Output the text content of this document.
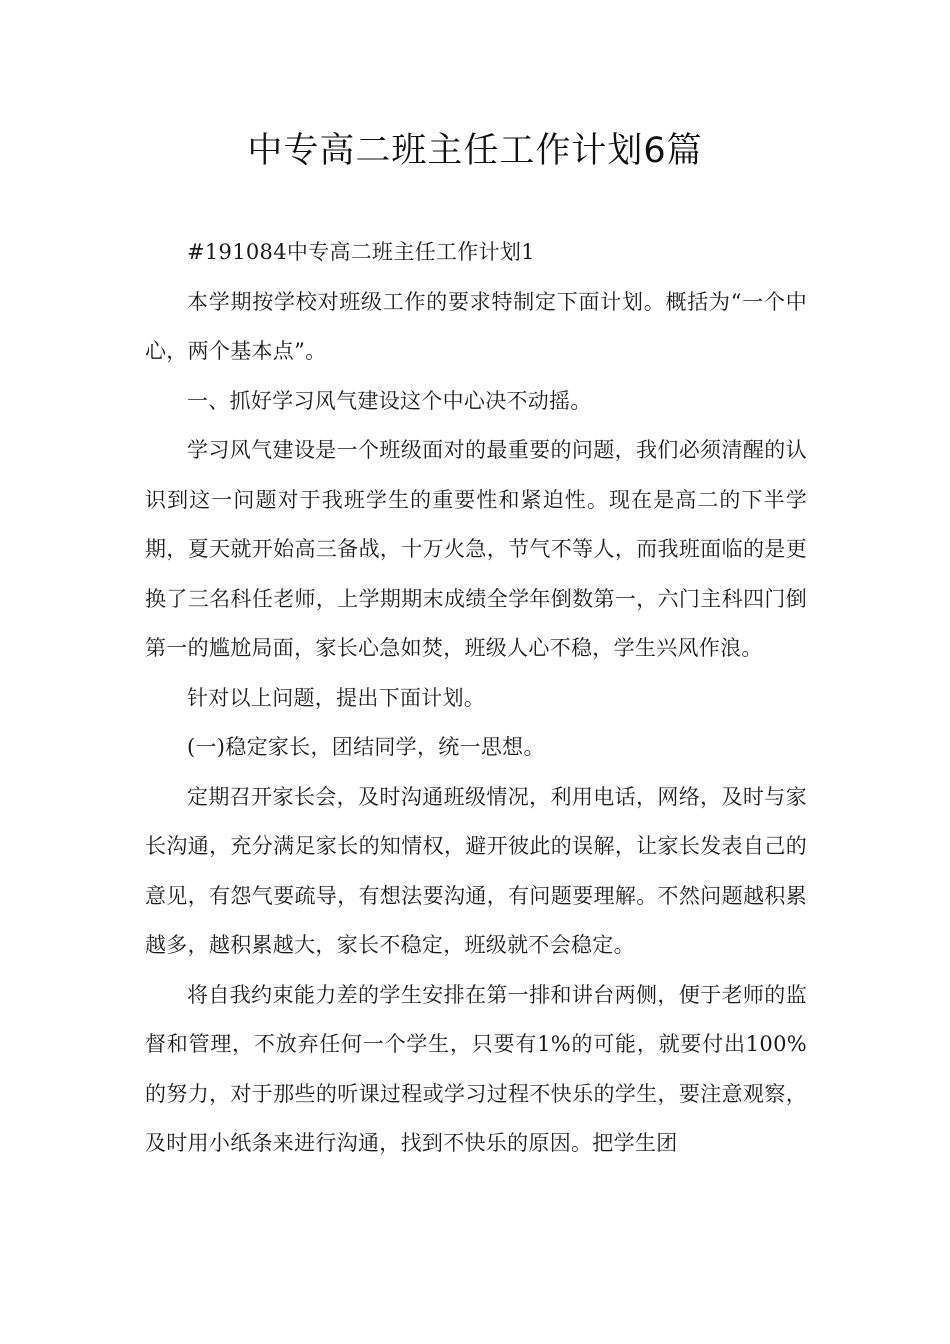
中专高二班主任工作计划6篇

#191084中专高二班主任工作计划1

本学期按学校对班级工作的要求特制定下面计划。概括为“一个中心，两个基本点”。

一、抓好学习风气建设这个中心决不动摇。

学习风气建设是一个班级面对的最重要的问题，我们必须清醒的认识到这一问题对于我班学生的重要性和紧迫性。现在是高二的下半学期，夏天就开始高三备战，十万火急，节气不等人，而我班面临的是更换了三名科任老师，上学期期末成绩全学年倒数第一，六门主科四门倒第一的尴尬局面，家长心急如焚，班级人心不稳，学生兴风作浪。

针对以上问题，提出下面计划。

(一)稳定家长，团结同学，统一思想。

定期召开家长会，及时沟通班级情况，利用电话，网络，及时与家长沟通，充分满足家长的知情权，避开彼此的误解，让家长发表自己的意见，有怨气要疏导，有想法要沟通，有问题要理解。不然问题越积累越多，越积累越大，家长不稳定，班级就不会稳定。

将自我约束能力差的学生安排在第一排和讲台两侧，便于老师的监督和管理，不放弃任何一个学生，只要有1%的可能，就要付出100%的努力，对于那些的听课过程或学习过程不快乐的学生，要注意观察，及时用小纸条来进行沟通，找到不快乐的原因。把学生团
